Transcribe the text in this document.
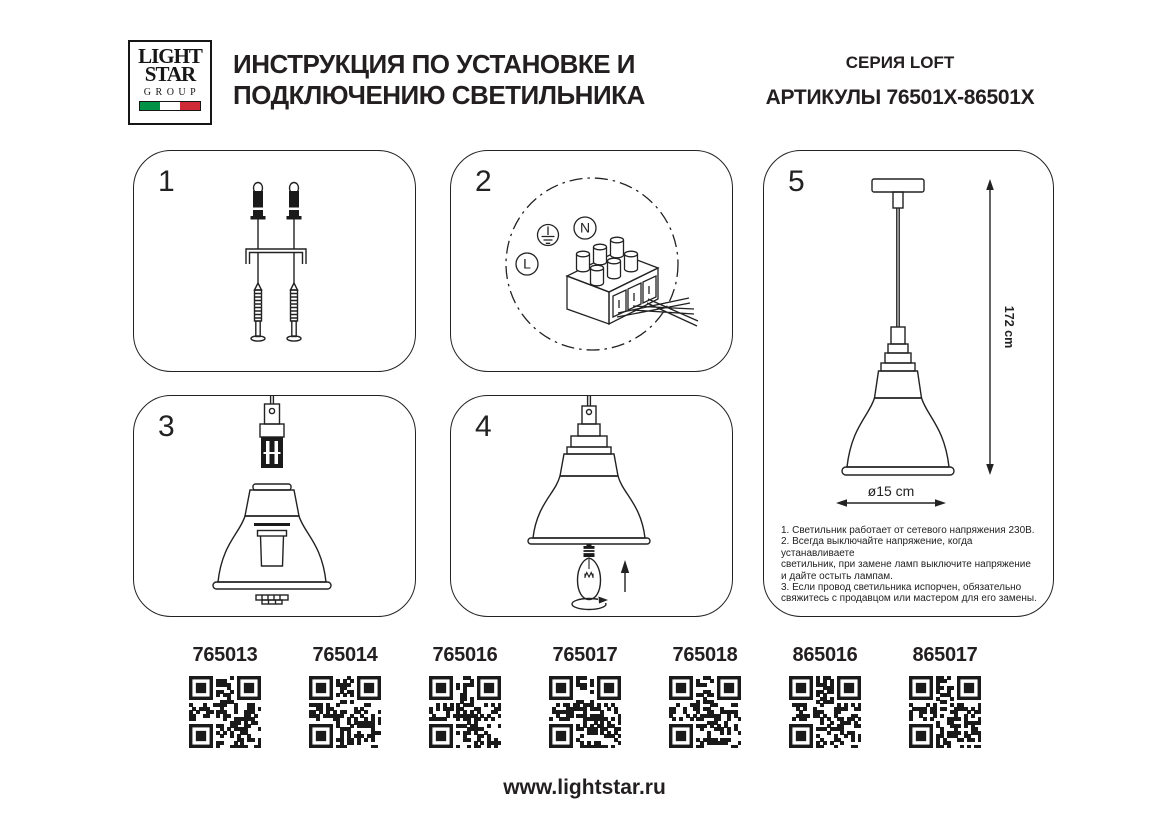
LIGHT
STAR
GROUP
ИНСТРУКЦИЯ ПО УСТАНОВКЕ И
ПОДКЛЮЧЕНИЮ СВЕТИЛЬНИКА
СЕРИЯ LOFT
АРТИКУЛЫ 76501X-86501X
1	2
N
L
3	4
5
172 cm
ø15 cm
1. Светильник работает от сетевого напряжения 230В.
2. Всегда выключайте напряжение, когда устанавливаете
светильник, при замене ламп выключите напряжение
и дайте остыть лампам.
3. Если провод светильника испорчен, обязательно
свяжитесь с продавцом или мастером для его замены.
765013	765014	765016	765017	765018	865016	865017
www.lightstar.ru
